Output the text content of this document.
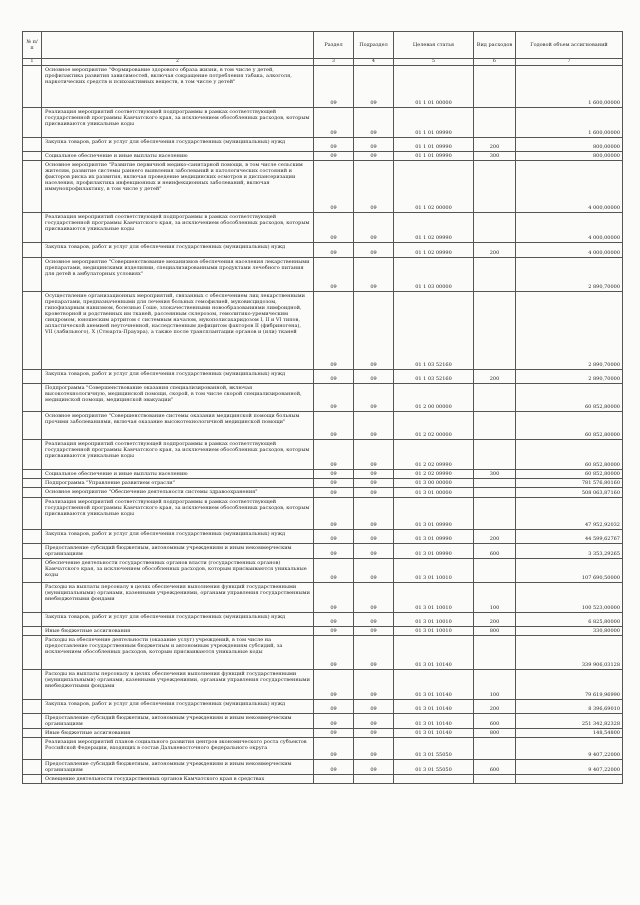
№ п/п		Раздел	Подраздел	Целевая статья	Вид расходов	Годовой объем ассигнований
1	2	3	4	5	6	7
	Основное мероприятие "Формирование здорового образа жизни, в том числе у детей, профилактика развития зависимостей, включая сокращение потребления табака, алкоголя, наркотических средств и психоактивных веществ, в том числе у детей"	09	09	01 1 01 00000		1 600,00000
	Реализация мероприятий соответствующей подпрограммы в рамках соответствующей государственной программы Камчатского края, за исключением обособленных расходов, которым присваиваются уникальные коды	09	09	01 1 01 09990		1 600,00000
	Закупка товаров, работ и услуг для обеспечения государственных (муниципальных) нужд	09	09	01 1 01 09990	200	800,00000
	Социальное обеспечение и иные выплаты населению	09	09	01 1 01 09990	300	800,00000
	Основное мероприятие "Развитие первичной медико-санитарной помощи, в том числе сельским жителям, развитие системы раннего выявления заболеваний и патологических состояний и факторов риска их развития, включая проведение медицинских осмотров и диспансеризации населения, профилактика инфекционных и неинфекционных заболеваний, включая иммунопрофилактику, в том числе у детей"	09	09	01 1 02 00000		4 000,00000
	Реализация мероприятий соответствующей подпрограммы в рамках соответствующей государственной программы Камчатского края, за исключением обособленных расходов, которым присваиваются уникальные коды	09	09	01 1 02 09990		4 000,00000
	Закупка товаров, работ и услуг для обеспечения государственных (муниципальных) нужд	09	09	01 1 02 09990	200	4 000,00000
	Основное мероприятие "Совершенствование механизмов обеспечения населения лекарственными препаратами, медицинскими изделиями, специализированными продуктами лечебного питания для детей в амбулаторных условиях"	09	09	01 1 03 00000		2 890,70000
	Осуществление организационных мероприятий, связанных с обеспечением лиц лекарственными препаратами, предназначенными для лечения больных гемофилией, муковисцидозом, гипофизарным нанизмом, болезнью Гоше, злокачественными новообразованиями лимфоидной, кроветворной и родственных им тканей, рассеянным склерозом, гемолитико-уремическим синдромом, юношеским артритом с системным началом, мукополисахаридозом I, II и VI типов, апластической анемией неуточненной, наследственным дефицитом факторов II (фибриногена), VII (лабильного), X (Стюарта-Прауэра), а также после трансплантации органов и (или) тканей	09	09	01 1 03 52160		2 890,70000
	Закупка товаров, работ и услуг для обеспечения государственных (муниципальных) нужд	09	09	01 1 03 52160	200	2 890,70000
	Подпрограмма "Совершенствование оказания специализированной, включая высокотехнологичную, медицинской помощи, скорой, в том числе скорой специализированной, медицинской помощи, медицинской эвакуации"	09	09	01 2 00 00000		60 852,80000
	Основное мероприятие "Совершенствование системы оказания медицинской помощи больным прочими заболеваниями, включая оказание высокотехнологичной медицинской помощи"	09	09	01 2 02 00000		60 852,80000
	Реализация мероприятий соответствующей подпрограммы в рамках соответствующей государственной программы Камчатского края, за исключением обособленных расходов, которым присваиваются уникальные коды	09	09	01 2 02 09990		60 852,80000
	Социальное обеспечение и иные выплаты населению	09	09	01 2 02 09990	300	60 852,80000
	Подпрограмма "Управление развитием отрасли"	09	09	01 3 00 00000		781 576,80160
	Основное мероприятие "Обеспечение деятельности системы здравоохранения"	09	09	01 3 01 00000		508 063,87160
	Реализация мероприятий соответствующей подпрограммы в рамках соответствующей государственной программы Камчатского края, за исключением обособленных расходов, которым присваиваются уникальные коды	09	09	01 3 01 09990		47 952,92032
	Закупка товаров, работ и услуг для обеспечения государственных (муниципальных) нужд	09	09	01 3 01 09990	200	44 599,62767
	Предоставление субсидий бюджетным, автономным учреждениям и иным некоммерческим организациям	09	09	01 3 01 09990	600	3 353,29265
	Обеспечение деятельности государственных органов власти (государственных органов) Камчатского края, за исключением обособленных расходов, которым присваиваются уникальные коды	09	09	01 3 01 10010		107 690,50000
	Расходы на выплаты персоналу в целях обеспечения выполнения функций государственными (муниципальными) органами, казенными учреждениями, органами управления государственными внебюджетными фондами	09	09	01 3 01 10010	100	100 523,00000
	Закупка товаров, работ и услуг для обеспечения государственных (муниципальных) нужд	09	09	01 3 01 10010	200	6 825,80000
	Иные бюджетные ассигнования	09	09	01 3 01 10010	800	330,80000
	Расходы на обеспечение деятельности (оказание услуг) учреждений, в том числе на предоставление государственным бюджетным и автономным учреждениям субсидий, за исключением обособленных расходов, которым присваиваются уникальные коды	09	09	01 3 01 10140		339 906,03128
	Расходы на выплаты персоналу в целях обеспечения выполнения функций государственными (муниципальными) органами, казенными учреждениями, органами управления государственными внебюджетными фондами	09	09	01 3 01 10140	100	79 619,96990
	Закупка товаров, работ и услуг для обеспечения государственных (муниципальных) нужд	09	09	01 3 01 10140	200	8 396,69010
	Предоставление субсидий бюджетным, автономным учреждениям и иным некоммерческим организациям	09	09	01 3 01 10140	600	251 342,82328
	Иные бюджетные ассигнования	09	09	01 3 01 10140	800	148,54800
	Реализация мероприятий планов социального развития центров экономического роста субъектов Российской Федерации, входящих в состав Дальневосточного федерального округа	09	09	01 3 01 55050		9 407,22000
	Предоставление субсидий бюджетным, автономным учреждениям и иным некоммерческим организациям	09	09	01 3 01 55050	600	9 407,22000
	Освещение деятельности государственных органов Камчатского края в средствах					
